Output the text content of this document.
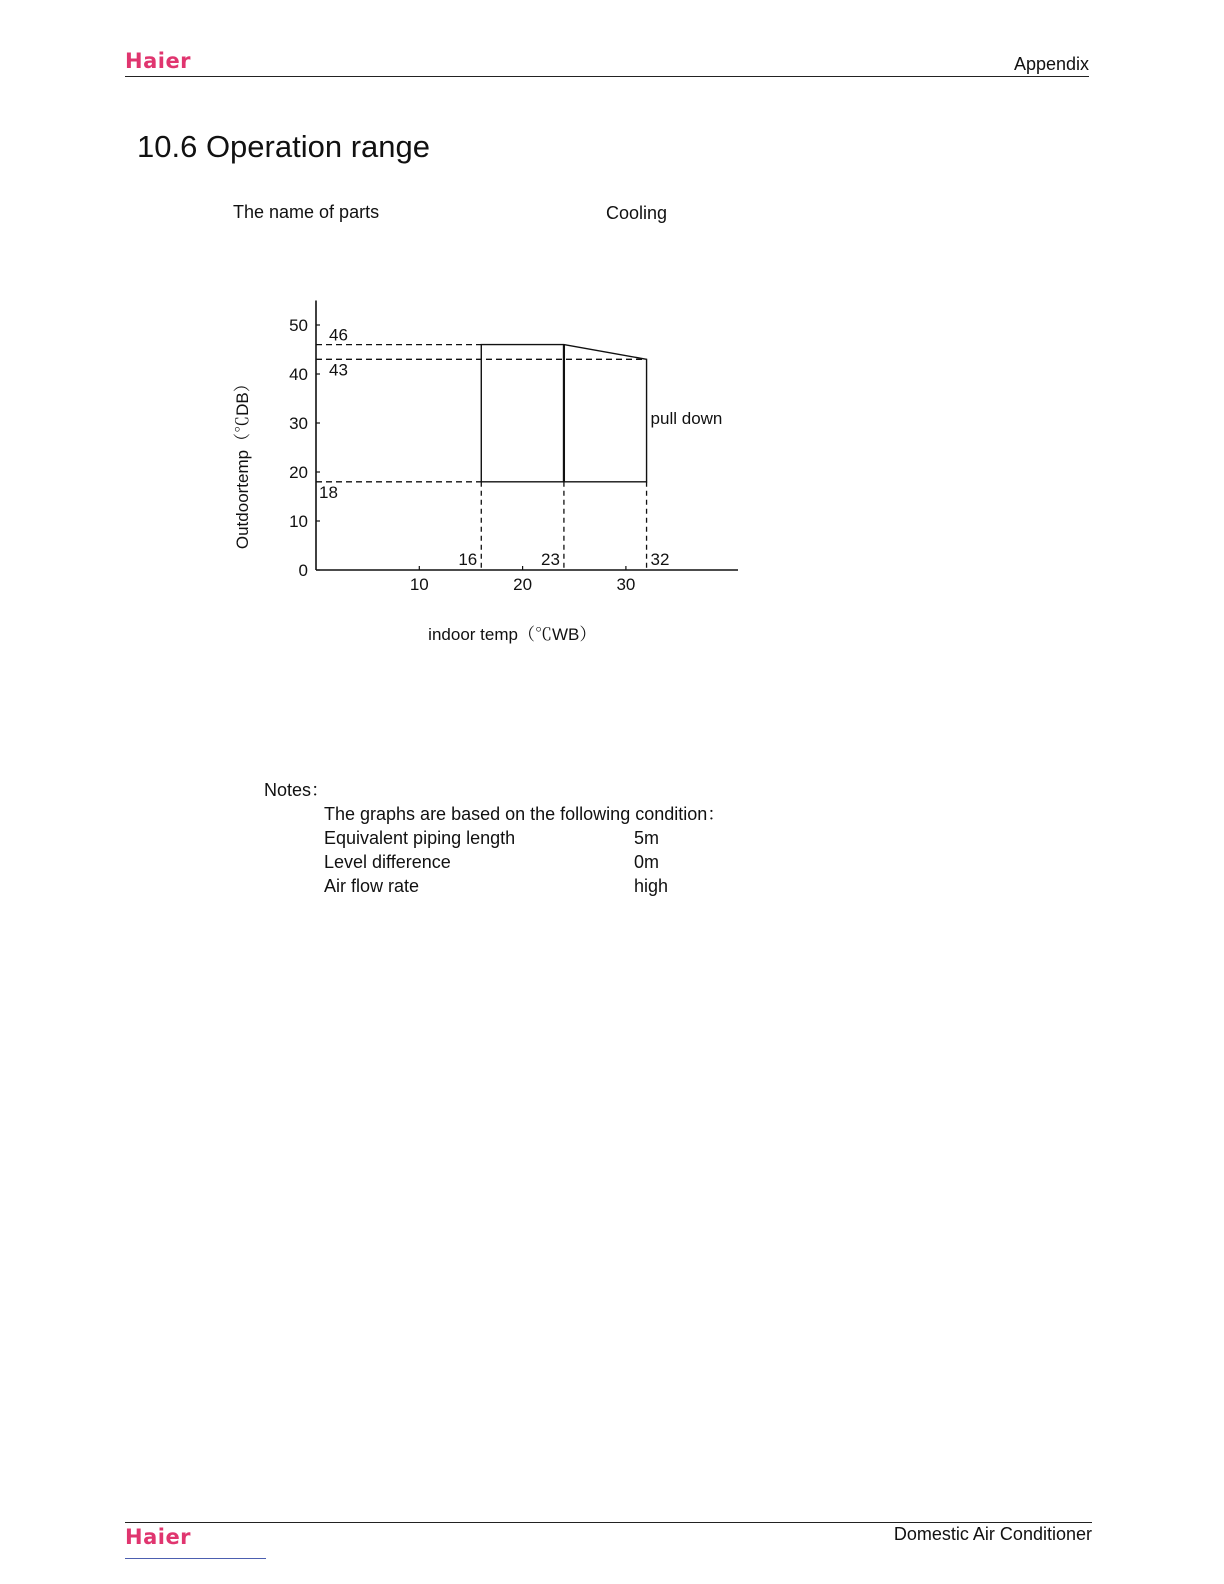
Haier	Appendix
10.6 Operation range
The name of parts	Cooling
0
10
20
30
40
50
10	20	30
46
43
18
16	23	32
pull down
indoor temp（℃WB）
Outdoortemp（℃DB）
Notes：
The graphs are based on the following condition：
Equivalent piping length	5m
Level difference	0m
Air flow rate	high
Haier	Domestic Air Conditioner
